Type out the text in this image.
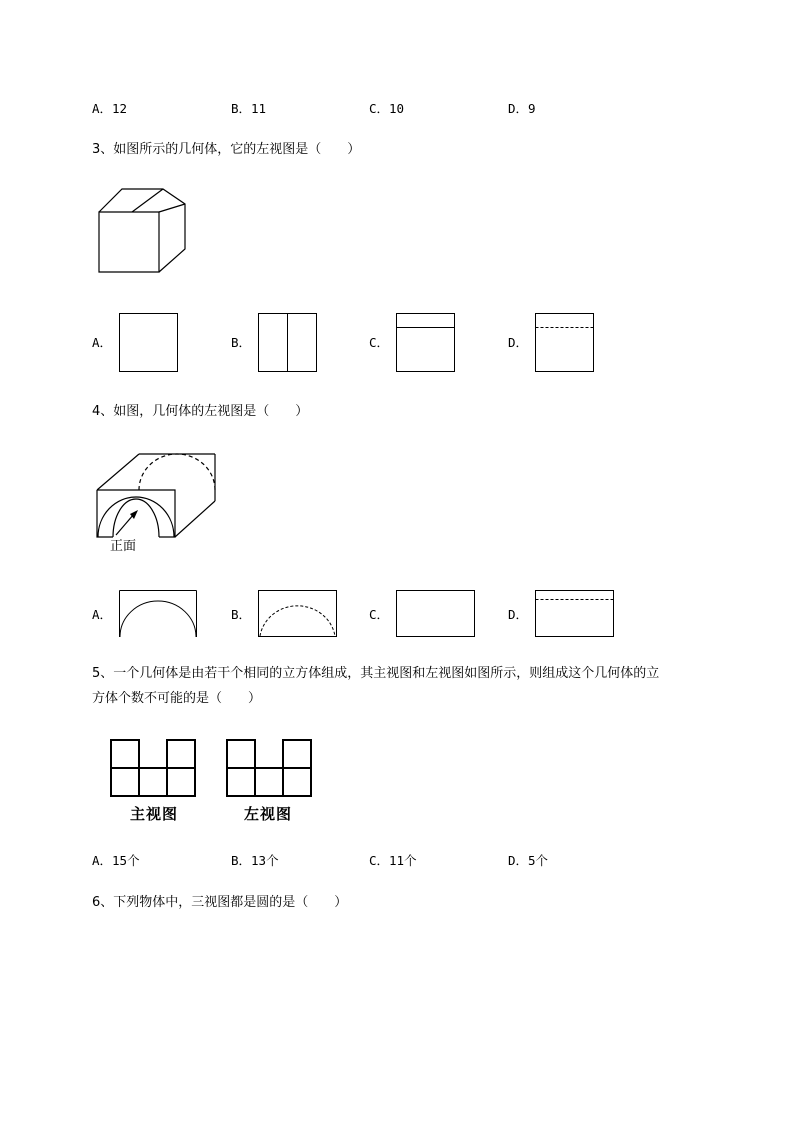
A．12	B．11	C．10	D．9
3、如图所示的几何体，它的左视图是（　　）
A．	B．	C．	D．
4、如图，几何体的左视图是（　　）
正面
A．	B．	C．	D．
5、一个几何体是由若干个相同的立方体组成，其主视图和左视图如图所示，则组成这个几何体的立
方体个数不可能的是（　　）
主视图	左视图
A．15个	B．13个	C．11个	D．5个
6、下列物体中，三视图都是圆的是（　　）
